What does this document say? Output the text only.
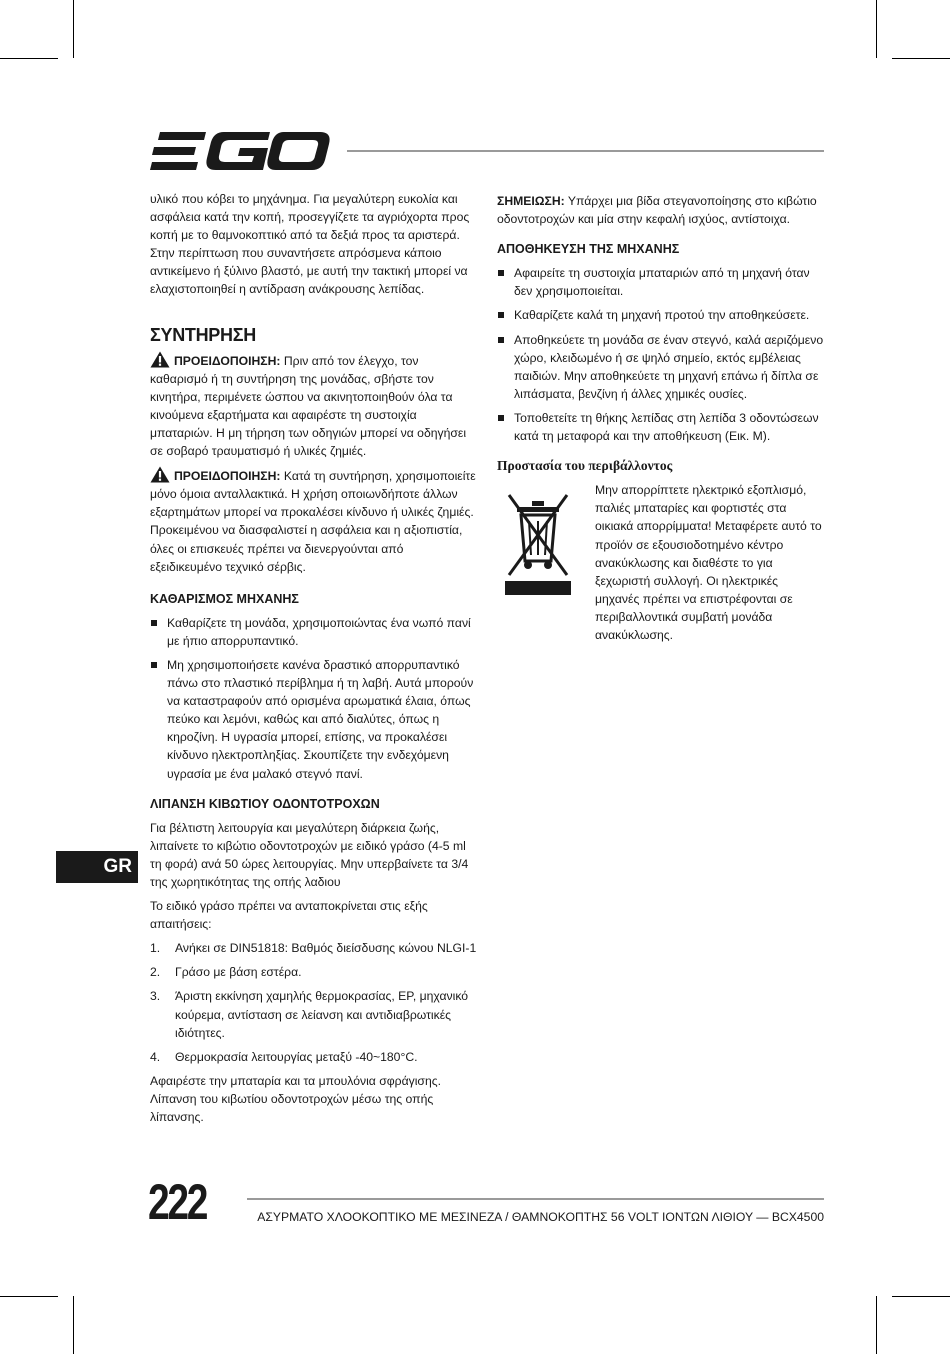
υλικό που κόβει το μηχάνημα. Για μεγαλύτερη ευκολία και ασφάλεια κατά την κοπή, προσεγγίζετε τα αγριόχορτα προς κοπή με το θαμνοκοπτικό από τα δεξιά προς τα αριστερά. Στην περίπτωση που συναντήσετε απρόσμενα κάποιο αντικείμενο ή ξύλινο βλαστό, με αυτή την τακτική μπορεί να ελαχιστοποιηθεί η αντίδραση ανάκρουσης λεπίδας.

ΣΥΝΤΗΡΗΣΗ

ΠΡΟΕΙΔΟΠΟΙΗΣΗ: Πριν από τον έλεγχο, τον καθαρισμό ή τη συντήρηση της μονάδας, σβήστε τον κινητήρα, περιμένετε ώσπου να ακινητοποιηθούν όλα τα κινούμενα εξαρτήματα και αφαιρέστε τη συστοιχία μπαταριών. Η μη τήρηση των οδηγιών μπορεί να οδηγήσει σε σοβαρό τραυματισμό ή υλικές ζημιές.

ΠΡΟΕΙΔΟΠΟΙΗΣΗ: Κατά τη συντήρηση, χρησιμοποιείτε μόνο όμοια ανταλλακτικά. Η χρήση οποιωνδήποτε άλλων εξαρτημάτων μπορεί να προκαλέσει κίνδυνο ή υλικές ζημιές. Προκειμένου να διασφαλιστεί η ασφάλεια και η αξιοπιστία, όλες οι επισκευές πρέπει να διενεργούνται από εξειδικευμένο τεχνικό σέρβις.

ΚΑΘΑΡΙΣΜΟΣ ΜΗΧΑΝΗΣ
Καθαρίζετε τη μονάδα, χρησιμοποιώντας ένα νωπό πανί με ήπιο απορρυπαντικό.
Μη χρησιμοποιήσετε κανένα δραστικό απορρυπαντικό πάνω στο πλαστικό περίβλημα ή τη λαβή. Αυτά μπορούν να καταστραφούν από ορισμένα αρωματικά έλαια, όπως πεύκο και λεμόνι, καθώς και από διαλύτες, όπως η κηροζίνη. Η υγρασία μπορεί, επίσης, να προκαλέσει κίνδυνο ηλεκτροπληξίας. Σκουπίζετε την ενδεχόμενη υγρασία με ένα μαλακό στεγνό πανί.
ΛΙΠΑΝΣΗ ΚΙΒΩΤΙΟΥ ΟΔΟΝΤΟΤΡΟΧΩΝ

Για βέλτιστη λειτουργία και μεγαλύτερη διάρκεια ζωής, λιπαίνετε το κιβώτιο οδοντοτροχών με ειδικό γράσο (4-5 ml τη φορά) ανά 50 ώρες λειτουργίας. Μην υπερβαίνετε τα 3/4 της χωρητικότητας της οπής λαδιου

Το ειδικό γράσο πρέπει να ανταποκρίνεται στις εξής απαιτήσεις:

1. Ανήκει σε DIN51818: Βαθμός διείσδυσης κώνου NLGI-1
2. Γράσο με βάση εστέρα.
3. Άριστη εκκίνηση χαμηλής θερμοκρασίας, EP, μηχανικό κούρεμα, αντίσταση σε λείανση και αντιδιαβρωτικές ιδιότητες.
4. Θερμοκρασία λειτουργίας μεταξύ -40~180°C.

Αφαιρέστε την μπαταρία και τα μπουλόνια σφράγισης. Λίπανση του κιβωτίου οδοντοτροχών μέσω της οπής λίπανσης.

ΣΗΜΕΙΩΣΗ: Υπάρχει μια βίδα στεγανοποίησης στο κιβώτιο οδοντοτροχών και μία στην κεφαλή ισχύος, αντίστοιχα.

ΑΠΟΘΗΚΕΥΣΗ ΤΗΣ ΜΗΧΑΝΗΣ
Αφαιρείτε τη συστοιχία μπαταριών από τη μηχανή όταν δεν χρησιμοποιείται.
Καθαρίζετε καλά τη μηχανή προτού την αποθηκεύσετε.
Αποθηκεύετε τη μονάδα σε έναν στεγνό, καλά αεριζόμενο χώρο, κλειδωμένο ή σε ψηλό σημείο, εκτός εμβέλειας παιδιών. Μην αποθηκεύετε τη μηχανή επάνω ή δίπλα σε λιπάσματα, βενζίνη ή άλλες χημικές ουσίες.
Τοποθετείτε τη θήκης λεπίδας στη λεπίδα 3 οδοντώσεων κατά τη μεταφορά και την αποθήκευση (Εικ. M).
Προστασία του περιβάλλοντος

Μην απορρίπτετε ηλεκτρικό εξοπλισμό, παλιές μπαταρίες και φορτιστές στα οικιακά απορρίμματα! Μεταφέρετε αυτό το προϊόν σε εξουσιοδοτημένο κέντρο ανακύκλωσης και διαθέστε το για ξεχωριστή συλλογή. Οι ηλεκτρικές μηχανές πρέπει να επιστρέφονται σε περιβαλλοντικά συμβατή μονάδα ανακύκλωσης.

GR
222	ΑΣΥΡΜΑΤΟ ΧΛΟΟΚΟΠΤΙΚΟ ΜΕ ΜΕΣΙΝΕΖΑ / ΘΑΜΝΟΚΟΠΤΗΣ 56 VOLT ΙΟΝΤΩΝ ΛΙΘΙΟΥ — BCX4500
